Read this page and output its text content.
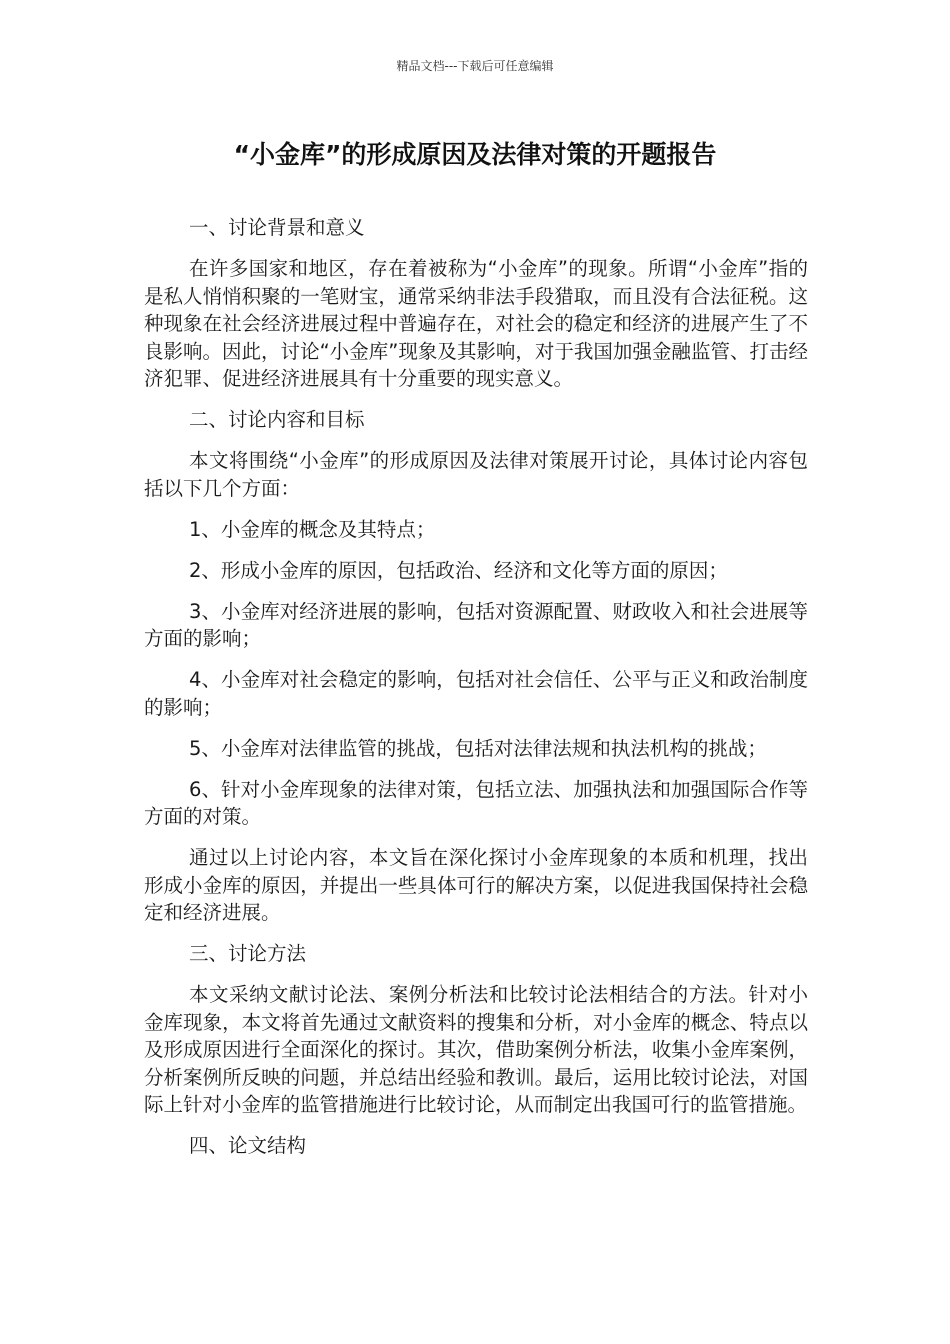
精品文档---下载后可任意编辑
“小金库”的形成原因及法律对策的开题报告

一、讨论背景和意义

在许多国家和地区，存在着被称为“小金库”的现象。所谓“小金库”指的是私人悄悄积聚的一笔财宝，通常采纳非法手段猎取，而且没有合法征税。这种现象在社会经济进展过程中普遍存在，对社会的稳定和经济的进展产生了不良影响。因此，讨论“小金库”现象及其影响，对于我国加强金融监管、打击经济犯罪、促进经济进展具有十分重要的现实意义。

二、讨论内容和目标

本文将围绕“小金库”的形成原因及法律对策展开讨论，具体讨论内容包括以下几个方面：

1、小金库的概念及其特点；

2、形成小金库的原因，包括政治、经济和文化等方面的原因；

3、小金库对经济进展的影响，包括对资源配置、财政收入和社会进展等方面的影响；

4、小金库对社会稳定的影响，包括对社会信任、公平与正义和政治制度的影响；

5、小金库对法律监管的挑战，包括对法律法规和执法机构的挑战；

6、针对小金库现象的法律对策，包括立法、加强执法和加强国际合作等方面的对策。

通过以上讨论内容，本文旨在深化探讨小金库现象的本质和机理，找出形成小金库的原因，并提出一些具体可行的解决方案，以促进我国保持社会稳定和经济进展。

三、讨论方法

本文采纳文献讨论法、案例分析法和比较讨论法相结合的方法。针对小金库现象，本文将首先通过文献资料的搜集和分析，对小金库的概念、特点以及形成原因进行全面深化的探讨。其次，借助案例分析法，收集小金库案例，分析案例所反映的问题，并总结出经验和教训。最后，运用比较讨论法，对国际上针对小金库的监管措施进行比较讨论，从而制定出我国可行的监管措施。

四、论文结构
